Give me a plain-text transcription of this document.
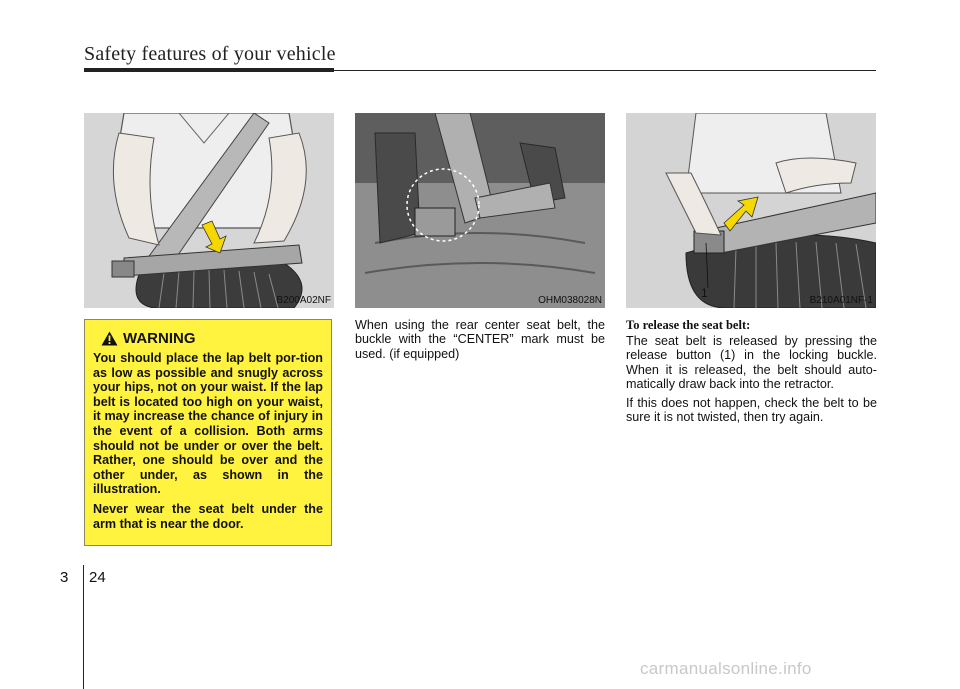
Safety features of your vehicle
B200A02NF	OHM038028N
1
B210A01NF-1
WARNING

You should place the lap belt por-tion as low as possible and snugly across your hips, not on your waist. If the lap belt is located too high on your waist, it may increase the chance of injury in the event of a collision. Both arms should not be under or over the belt. Rather, one should be over and the other under, as shown in the illustration.

Never wear the seat belt under the arm that is near the door.

When using the rear center seat belt, the buckle with the “CENTER” mark must be used. (if equipped)

To release the seat belt:

The seat belt is released by pressing the release button (1) in the locking buckle. When it is released, the belt should auto-matically draw back into the retractor.

If this does not happen, check the belt to be sure it is not twisted, then try again.

3 24
carmanualsonline.info
